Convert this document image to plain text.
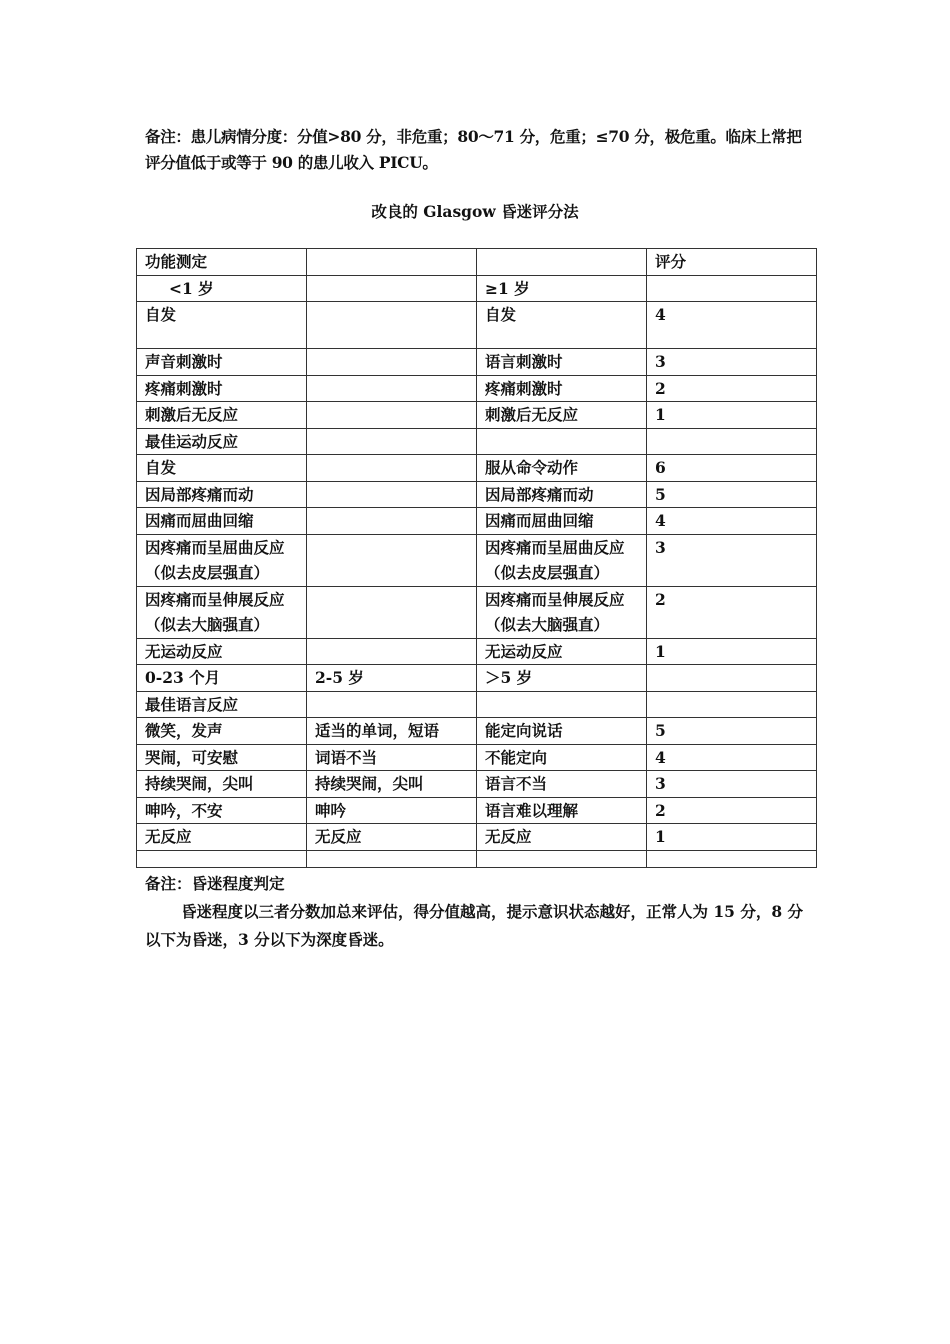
备注：患儿病情分度：分值>80 分，非危重；80～71 分，危重；≤70 分，极危重。临床上常把评分值低于或等于 90 的患儿收入 PICU。
改良的 Glasgow 昏迷评分法
功能测定			评分
<1 岁		≥1 岁	
自发		自发	4
声音刺激时		语言刺激时	3
疼痛刺激时		疼痛刺激时	2
刺激后无反应		刺激后无反应	1
最佳运动反应			
自发		服从命令动作	6
因局部疼痛而动		因局部疼痛而动	5
因痛而屈曲回缩		因痛而屈曲回缩	4
因疼痛而呈屈曲反应（似去皮层强直）		因疼痛而呈屈曲反应（似去皮层强直）	3
因疼痛而呈伸展反应（似去大脑强直）		因疼痛而呈伸展反应（似去大脑强直）	2
无运动反应		无运动反应	1
0-23 个月	2-5 岁	＞5 岁	
最佳语言反应			
微笑，发声	适当的单词，短语	能定向说话	5
哭闹，可安慰	词语不当	不能定向	4
持续哭闹，尖叫	持续哭闹，尖叫	语言不当	3
呻吟，不安	呻吟	语言难以理解	2
无反应	无反应	无反应	1

备注：昏迷程度判定
昏迷程度以三者分数加总来评估，得分值越高，提示意识状态越好，正常人为 15 分，8 分以下为昏迷，3 分以下为深度昏迷。
